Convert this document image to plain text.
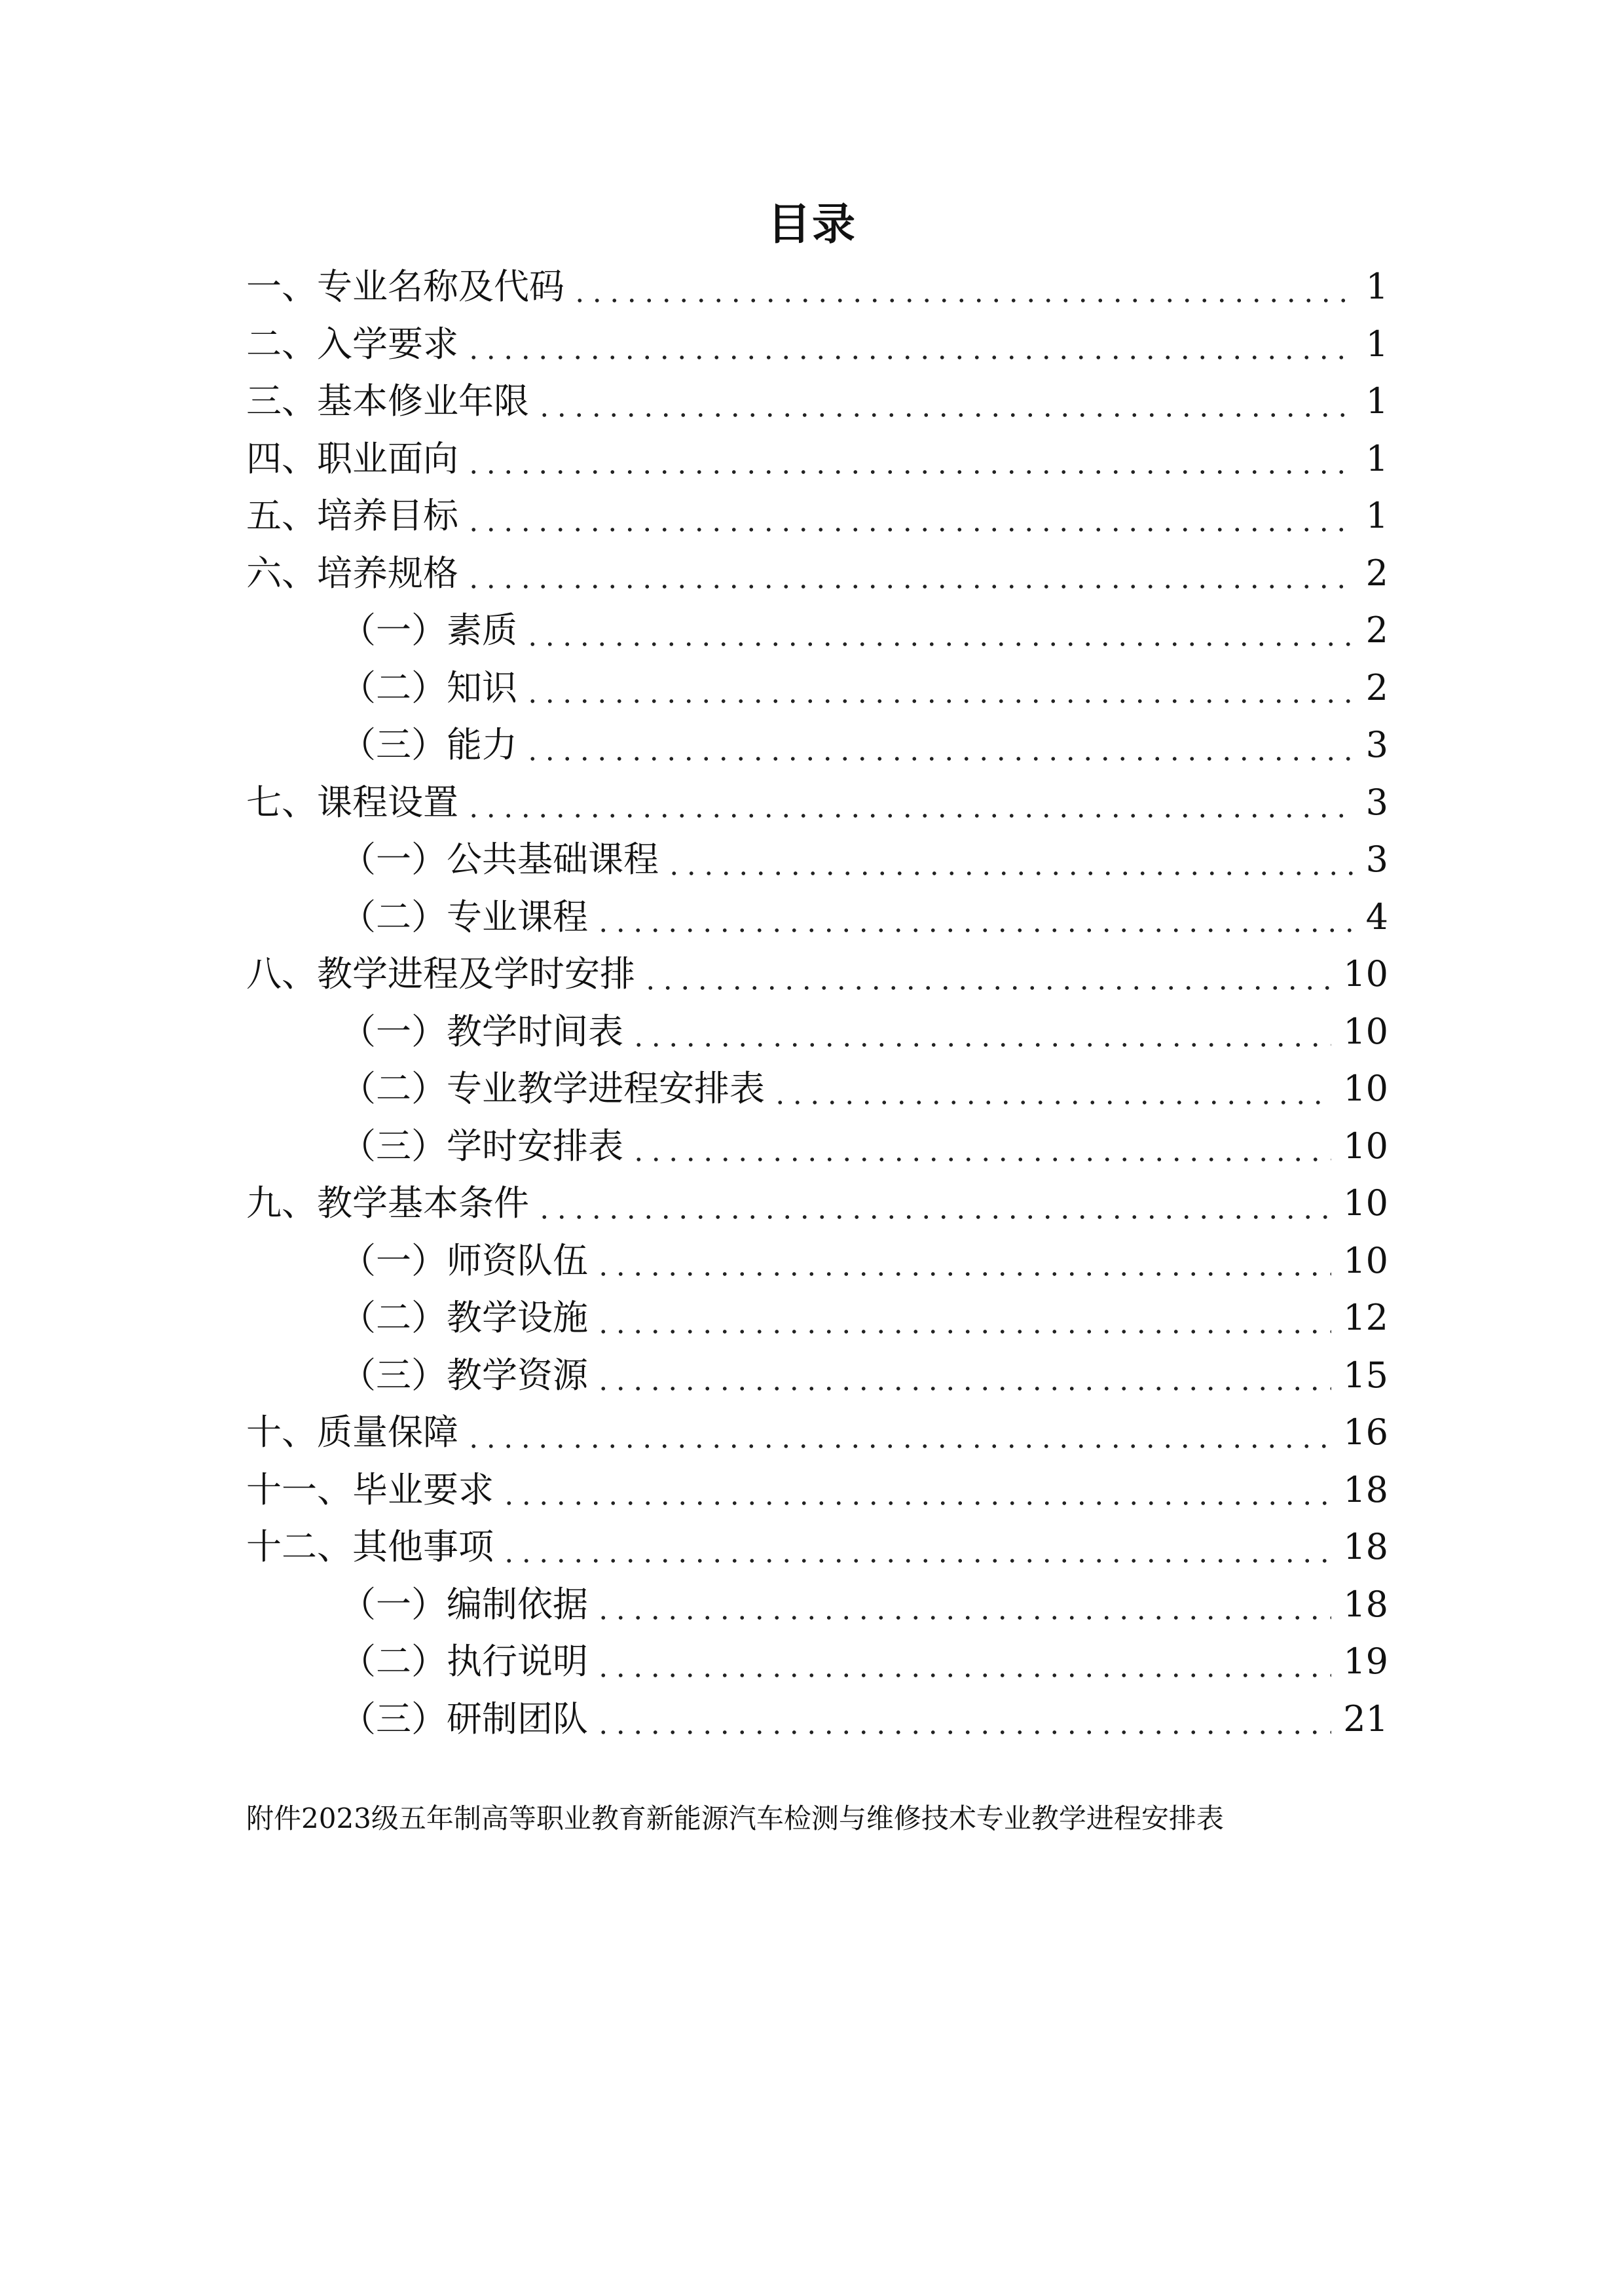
目录
一、专业名称及代码	1
二、入学要求	1
三、基本修业年限	1
四、职业面向	1
五、培养目标	1
六、培养规格	2
（一）素质	2
（二）知识	2
（三）能力	3
七、课程设置	3
（一）公共基础课程	3
（二）专业课程	4
八、教学进程及学时安排	10
（一）教学时间表	10
（二）专业教学进程安排表	10
（三）学时安排表	10
九、教学基本条件	10
（一）师资队伍	10
（二）教学设施	12
（三）教学资源	15
十、质量保障	16
十一、毕业要求	18
十二、其他事项	18
（一）编制依据	18
（二）执行说明	19
（三）研制团队	21
附件2023级五年制高等职业教育新能源汽车检测与维修技术专业教学进程安排表
